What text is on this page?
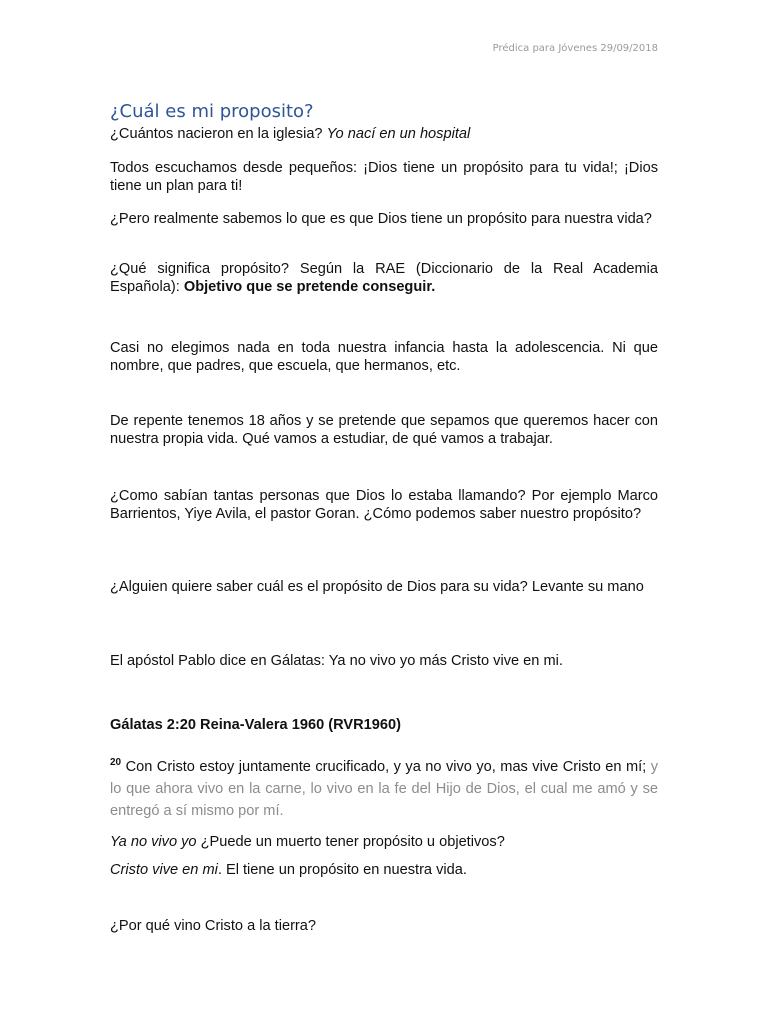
Prédica para Jóvenes 29/09/2018
¿Cuál es mi proposito?

¿Cuántos nacieron en la iglesia? Yo nací en un hospital

Todos escuchamos desde pequeños: ¡Dios tiene un propósito para tu vida!; ¡Dios tiene un plan para ti!

¿Pero realmente sabemos lo que es que Dios tiene un propósito para nuestra vida?

¿Qué significa propósito? Según la RAE (Diccionario de la Real Academia Española): Objetivo que se pretende conseguir.

Casi no elegimos nada en toda nuestra infancia hasta la adolescencia. Ni que nombre, que padres, que escuela, que hermanos, etc.

De repente tenemos 18 años y se pretende que sepamos que queremos hacer con nuestra propia vida. Qué vamos a estudiar, de qué vamos a trabajar.

¿Como sabían tantas personas que Dios lo estaba llamando? Por ejemplo Marco Barrientos, Yiye Avila, el pastor Goran. ¿Cómo podemos saber nuestro propósito?

¿Alguien quiere saber cuál es el propósito de Dios para su vida? Levante su mano

El apóstol Pablo dice en Gálatas: Ya no vivo yo más Cristo vive en mi.

Gálatas 2:20 Reina-Valera 1960 (RVR1960)

$^{20}$ Con Cristo estoy juntamente crucificado, y ya no vivo yo, mas vive Cristo en mí; y lo que ahora vivo en la carne, lo vivo en la fe del Hijo de Dios, el cual me amó y se entregó a sí mismo por mí.

Ya no vivo yo ¿Puede un muerto tener propósito u objetivos?

Cristo vive en mi. El tiene un propósito en nuestra vida.

¿Por qué vino Cristo a la tierra?
